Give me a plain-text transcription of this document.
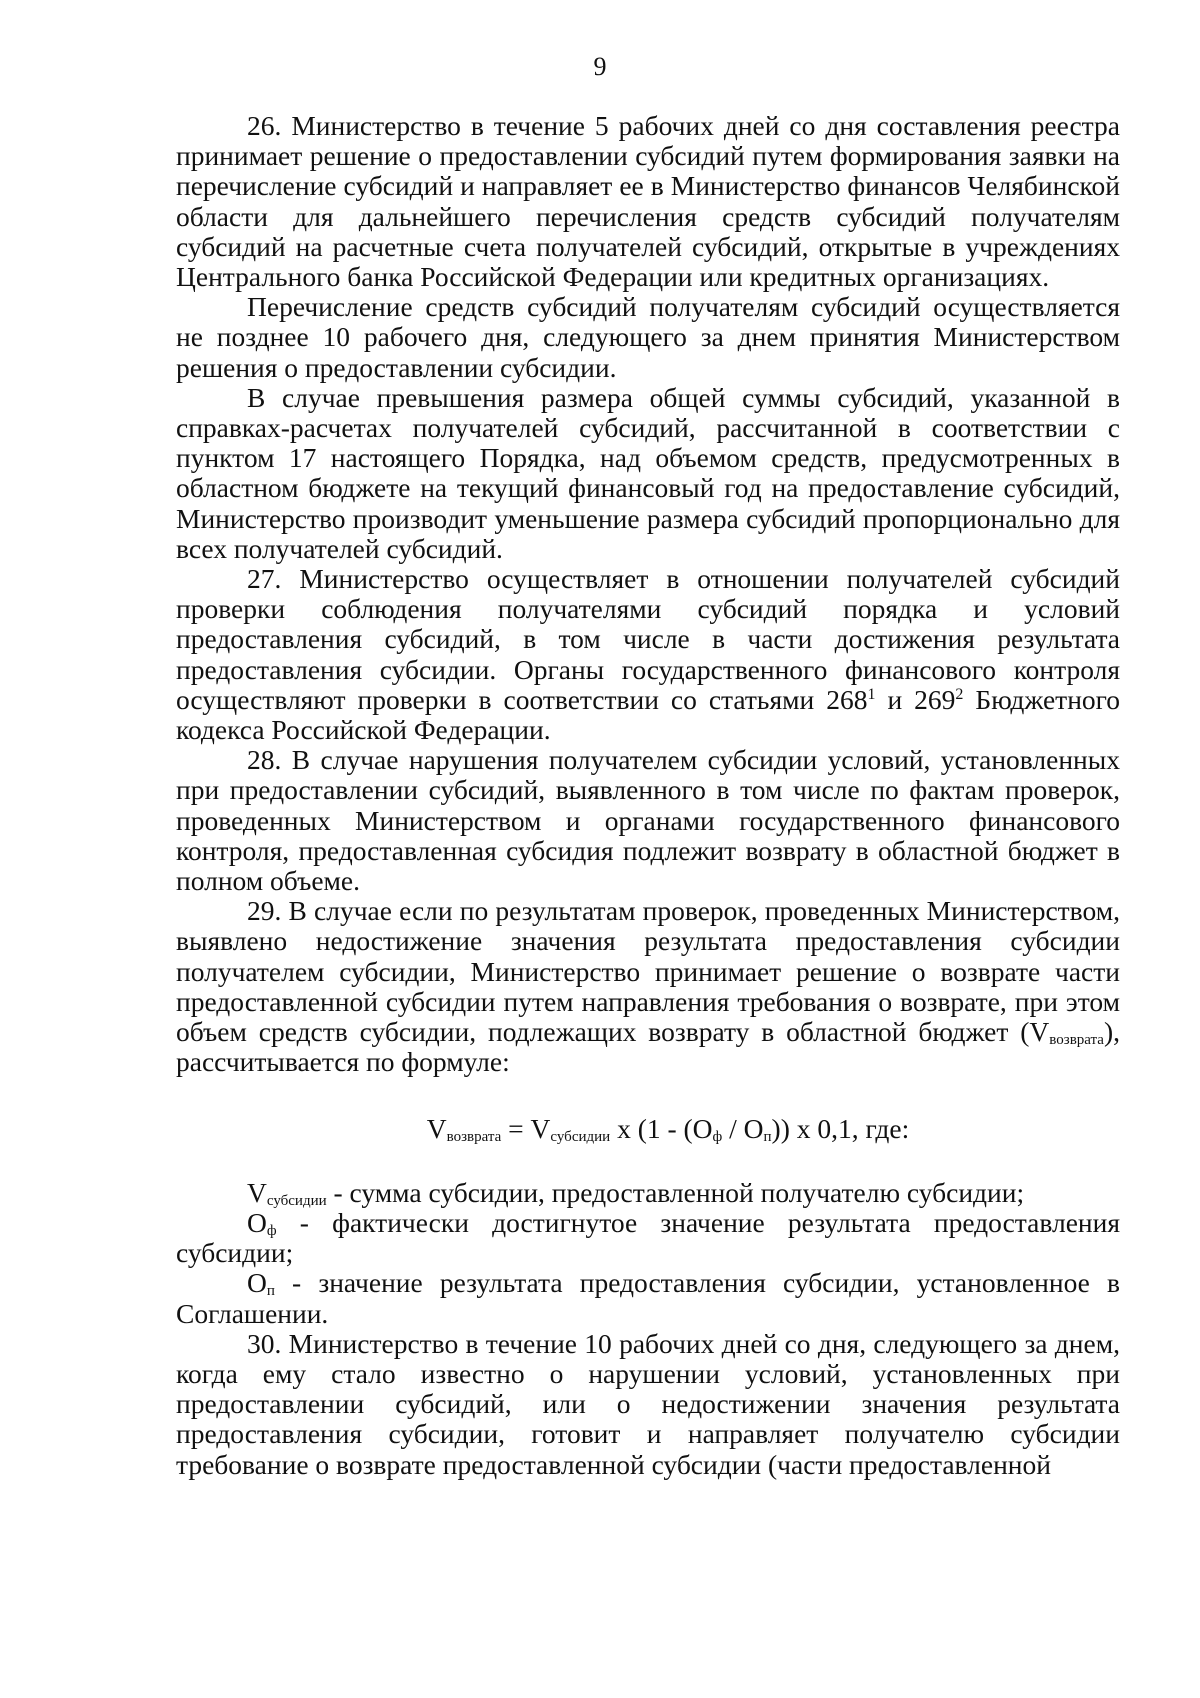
9

26. Министерство в течение 5 рабочих дней со дня составления реестра принимает решение о предоставлении субсидий путем формирования заявки на перечисление субсидий и направляет ее в Министерство финансов Челябинской области для дальнейшего перечисления средств субсидий получателям субсидий на расчетные счета получателей субсидий, открытые в учреждениях Центрального банка Российской Федерации или кредитных организациях.

Перечисление средств субсидий получателям субсидий осуществляется не позднее 10 рабочего дня, следующего за днем принятия Министерством решения о предоставлении субсидии.

В случае превышения размера общей суммы субсидий, указанной в справках-расчетах получателей субсидий, рассчитанной в соответствии с пунктом 17 настоящего Порядка, над объемом средств, предусмотренных в областном бюджете на текущий финансовый год на предоставление субсидий, Министерство производит уменьшение размера субсидий пропорционально для всех получателей субсидий.

27. Министерство осуществляет в отношении получателей субсидий проверки соблюдения получателями субсидий порядка и условий предоставления субсидий, в том числе в части достижения результата предоставления субсидии. Органы государственного финансового контроля осуществляют проверки в соответствии со статьями $268^1$ и $269^2$ Бюджетного кодекса Российской Федерации.

28. В случае нарушения получателем субсидии условий, установленных при предоставлении субсидий, выявленного в том числе по фактам проверок, проведенных Министерством и органами государственного финансового контроля, предоставленная субсидия подлежит возврату в областной бюджет в полном объеме.

29. В случае если по результатам проверок, проведенных Министерством, выявлено недостижение значения результата предоставления субсидии получателем субсидии, Министерство принимает решение о возврате части предоставленной субсидии путем направления требования о возврате, при этом объем средств субсидии, подлежащих возврату в областной бюджет $(V_{возврата})$, рассчитывается по формуле:

$V_{возврата} = V_{субсидии}$ x $(1 - (O_ф / O_п))$ x 0,1, где:

$V_{субсидии}$ - сумма субсидии, предоставленной получателю субсидии;

$O_ф$ - фактически достигнутое значение результата предоставления субсидии;

$O_п$ - значение результата предоставления субсидии, установленное в Соглашении.

30. Министерство в течение 10 рабочих дней со дня, следующего за днем, когда ему стало известно о нарушении условий, установленных при предоставлении субсидий, или о недостижении значения результата предоставления субсидии, готовит и направляет получателю субсидии требование о возврате предоставленной субсидии (части предоставленной
